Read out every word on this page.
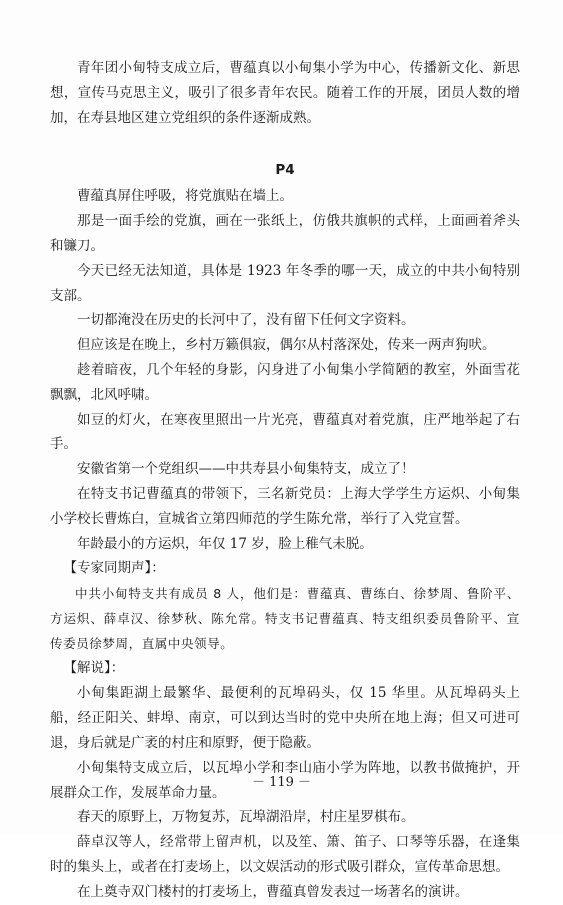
青年团小甸特支成立后，曹蕴真以小甸集小学为中心，传播新文化、新思想，宣传马克思主义，吸引了很多青年农民。随着工作的开展，团员人数的增加，在寿县地区建立党组织的条件逐渐成熟。

P4

曹蕴真屏住呼吸，将党旗贴在墙上。

那是一面手绘的党旗，画在一张纸上，仿俄共旗帜的式样，上面画着斧头和镰刀。

今天已经无法知道，具体是 1923 年冬季的哪一天，成立的中共小甸特别支部。

一切都淹没在历史的长河中了，没有留下任何文字资料。

但应该是在晚上，乡村万籁俱寂，偶尔从村落深处，传来一两声狗吠。

趁着暗夜，几个年轻的身影，闪身进了小甸集小学简陋的教室，外面雪花飘飘，北风呼啸。

如豆的灯火，在寒夜里照出一片光亮，曹蕴真对着党旗，庄严地举起了右手。

安徽省第一个党组织——中共寿县小甸集特支，成立了！

在特支书记曹蕴真的带领下，三名新党员：上海大学学生方运炽、小甸集小学校长曹炼白，宣城省立第四师范的学生陈允常，举行了入党宣誓。

年龄最小的方运炽，年仅 17 岁，脸上稚气未脱。

【专家同期声】：

中共小甸特支共有成员 8 人，他们是：曹蕴真、曹练白、徐梦周、鲁阶平、方运炽、薛卓汉、徐梦秋、陈允常。特支书记曹蕴真、特支组织委员鲁阶平、宣传委员徐梦周，直属中央领导。

【解说】：

小甸集距湖上最繁华、最便利的瓦埠码头，仅 15 华里。从瓦埠码头上船，经正阳关、蚌埠、南京，可以到达当时的党中央所在地上海；但又可进可退，身后就是广袤的村庄和原野，便于隐蔽。

小甸集特支成立后，以瓦埠小学和李山庙小学为阵地，以教书做掩护，开展群众工作，发展革命力量。

春天的原野上，万物复苏，瓦埠湖沿岸，村庄星罗棋布。

薛卓汉等人，经常带上留声机，以及笙、箫、笛子、口琴等乐器，在逢集时的集头上，或者在打麦场上，以文娱活动的形式吸引群众，宣传革命思想。

在上奠寺双门楼村的打麦场上，曹蕴真曾发表过一场著名的演讲。

－ 119 －
